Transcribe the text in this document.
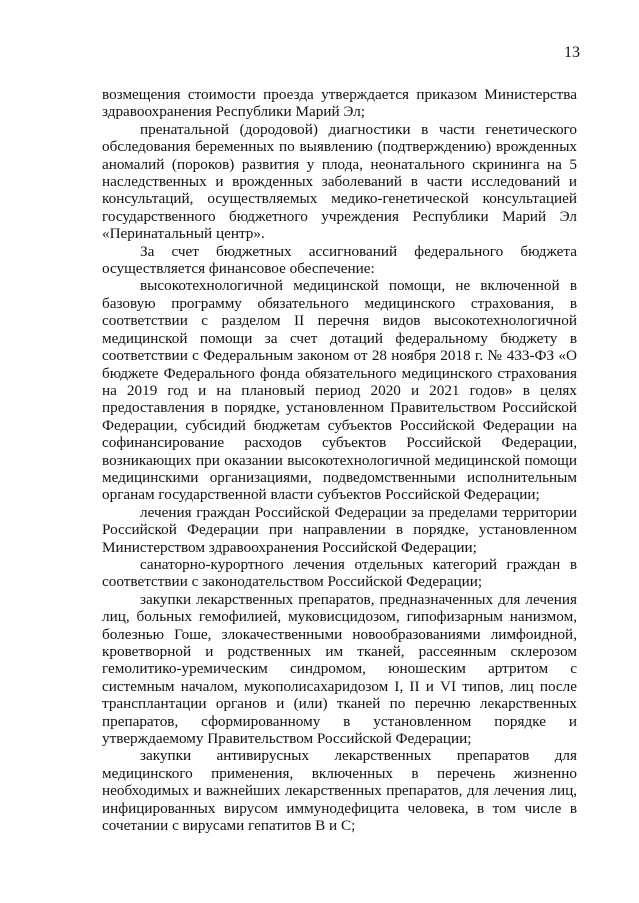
13

возмещения стоимости проезда утверждается приказом Министерства здравоохранения Республики Марий Эл;

пренатальной (дородовой) диагностики в части генетического обследования беременных по выявлению (подтверждению) врожденных аномалий (пороков) развития у плода, неонатального скрининга на 5 наследственных и врожденных заболеваний в части исследований и консультаций, осуществляемых медико-генетической консультацией государственного бюджетного учреждения Республики Марий Эл «Перинатальный центр».

За счет бюджетных ассигнований федерального бюджета осуществляется финансовое обеспечение:

высокотехнологичной медицинской помощи, не включенной в базовую программу обязательного медицинского страхования, в соответствии с разделом II перечня видов высокотехнологичной медицинской помощи за счет дотаций федеральному бюджету в соответствии с Федеральным законом от 28 ноября 2018 г. № 433-ФЗ «О бюджете Федерального фонда обязательного медицинского страхования на 2019 год и на плановый период 2020 и 2021 годов» в целях предоставления в порядке, установленном Правительством Российской Федерации, субсидий бюджетам субъектов Российской Федерации на софинансирование расходов субъектов Российской Федерации, возникающих при оказании высокотехнологичной медицинской помощи медицинскими организациями, подведомственными исполнительным органам государственной власти субъектов Российской Федерации;

лечения граждан Российской Федерации за пределами территории Российской Федерации при направлении в порядке, установленном Министерством здравоохранения Российской Федерации;

санаторно-курортного лечения отдельных категорий граждан в соответствии с законодательством Российской Федерации;

закупки лекарственных препаратов, предназначенных для лечения лиц, больных гемофилией, муковисцидозом, гипофизарным нанизмом, болезнью Гоше, злокачественными новообразованиями лимфоидной, кроветворной и родственных им тканей, рассеянным склерозом гемолитико-уремическим синдромом, юношеским артритом с системным началом, мукополисахаридозом I, II и VI типов, лиц после трансплантации органов и (или) тканей по перечню лекарственных препаратов, сформированному в установленном порядке и утверждаемому Правительством Российской Федерации;

закупки антивирусных лекарственных препаратов для медицинского применения, включенных в перечень жизненно необходимых и важнейших лекарственных препаратов, для лечения лиц, инфицированных вирусом иммунодефицита человека, в том числе в сочетании с вирусами гепатитов B и C;
